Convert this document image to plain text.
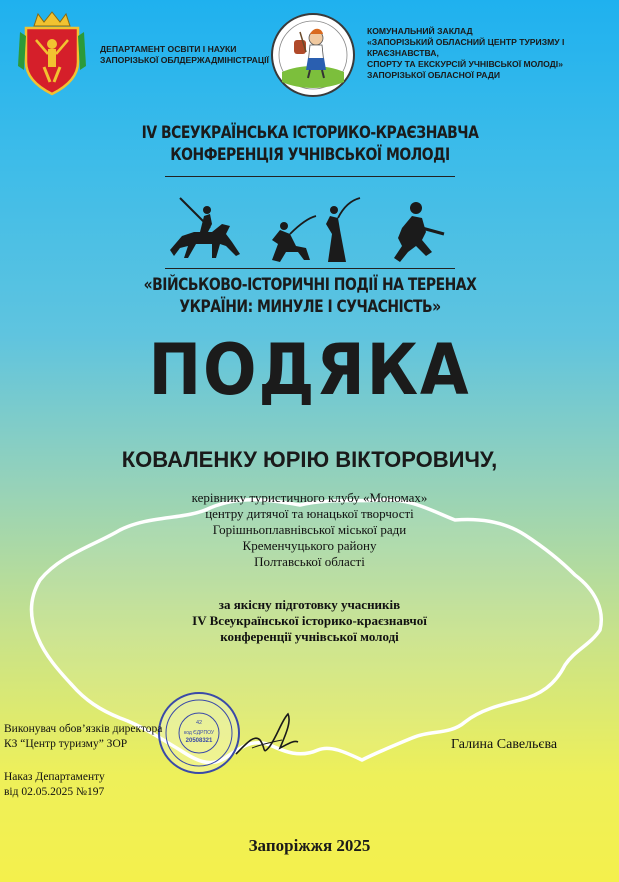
ДЕПАРТАМЕНТ ОСВІТИ І НАУКИ
ЗАПОРІЗЬКОЇ ОБЛДЕРЖАДМІНІСТРАЦІЇ
КОМУНАЛЬНИЙ ЗАКЛАД
«ЗАПОРІЗЬКИЙ ОБЛАСНИЙ ЦЕНТР ТУРИЗМУ І КРАЄЗНАВСТВА,
СПОРТУ ТА ЕКСКУРСІЙ УЧНІВСЬКОЇ МОЛОДІ»
ЗАПОРІЗЬКОЇ ОБЛАСНОЇ РАДИ
IV ВСЕУКРАЇНСЬКА ІСТОРИКО-КРАЄЗНАВЧА
КОНФЕРЕНЦІЯ УЧНІВСЬКОЇ МОЛОДІ
«ВІЙСЬКОВО-ІСТОРИЧНІ ПОДІЇ НА ТЕРЕНАХ
УКРАЇНИ: МИНУЛЕ І СУЧАСНІСТЬ»
ПОДЯКА
КОВАЛЕНКУ ЮРІЮ ВІКТОРОВИЧУ,
керівнику туристичного клубу «Мономах»
центру дитячої та юнацької творчості
Горішньоплавнівської міської ради
Кременчуцького району
Полтавської області
за якісну підготовку учасників
IV Всеукраїнської історико-краєзнавчої
конференції учнівської молоді
42
код ЄДРПОУ
20508321
Виконувач обов’язків директора
КЗ “Центр туризму” ЗОР	Галина Савельєва
Наказ Департаменту
від 02.05.2025 №197
Запоріжжя 2025
